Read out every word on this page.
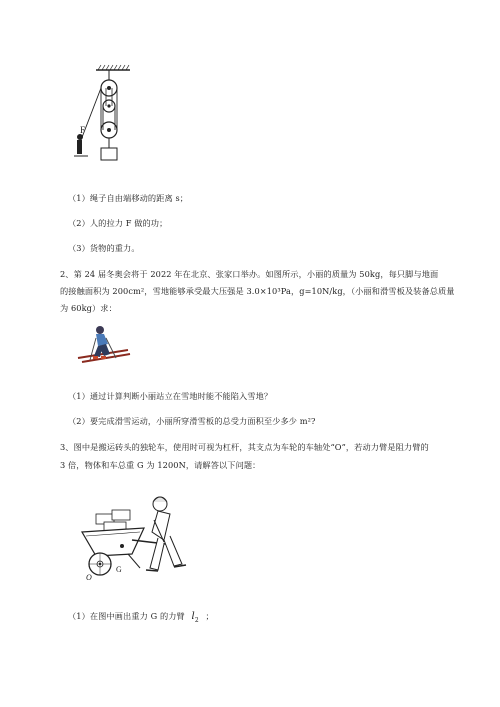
F
（1）绳子自由端移动的距离 s；
（2）人的拉力 F 做的功；
（3）货物的重力。
2、第 24 届冬奥会将于 2022 年在北京、张家口举办。如图所示，小丽的质量为 50kg，每只脚与地面
的接触面积为 200cm²，雪地能够承受最大压强是 3.0×10³Pa，g=10N/kg，（小丽和滑雪板及装备总质量
为 60kg）求：
（1）通过计算判断小丽站立在雪地时能不能陷入雪地？
（2）要完成滑雪运动，小丽所穿滑雪板的总受力面积至少多少 m²?
3、图中是搬运砖头的独轮车，使用时可视为杠杆，其支点为车轮的车轴处“O”，若动力臂是阻力臂的
3 倍，物体和车总重 G 为 1200N，请解答以下问题：
O
G
（1）在图中画出重力 G 的力臂 $l_2$ ；
